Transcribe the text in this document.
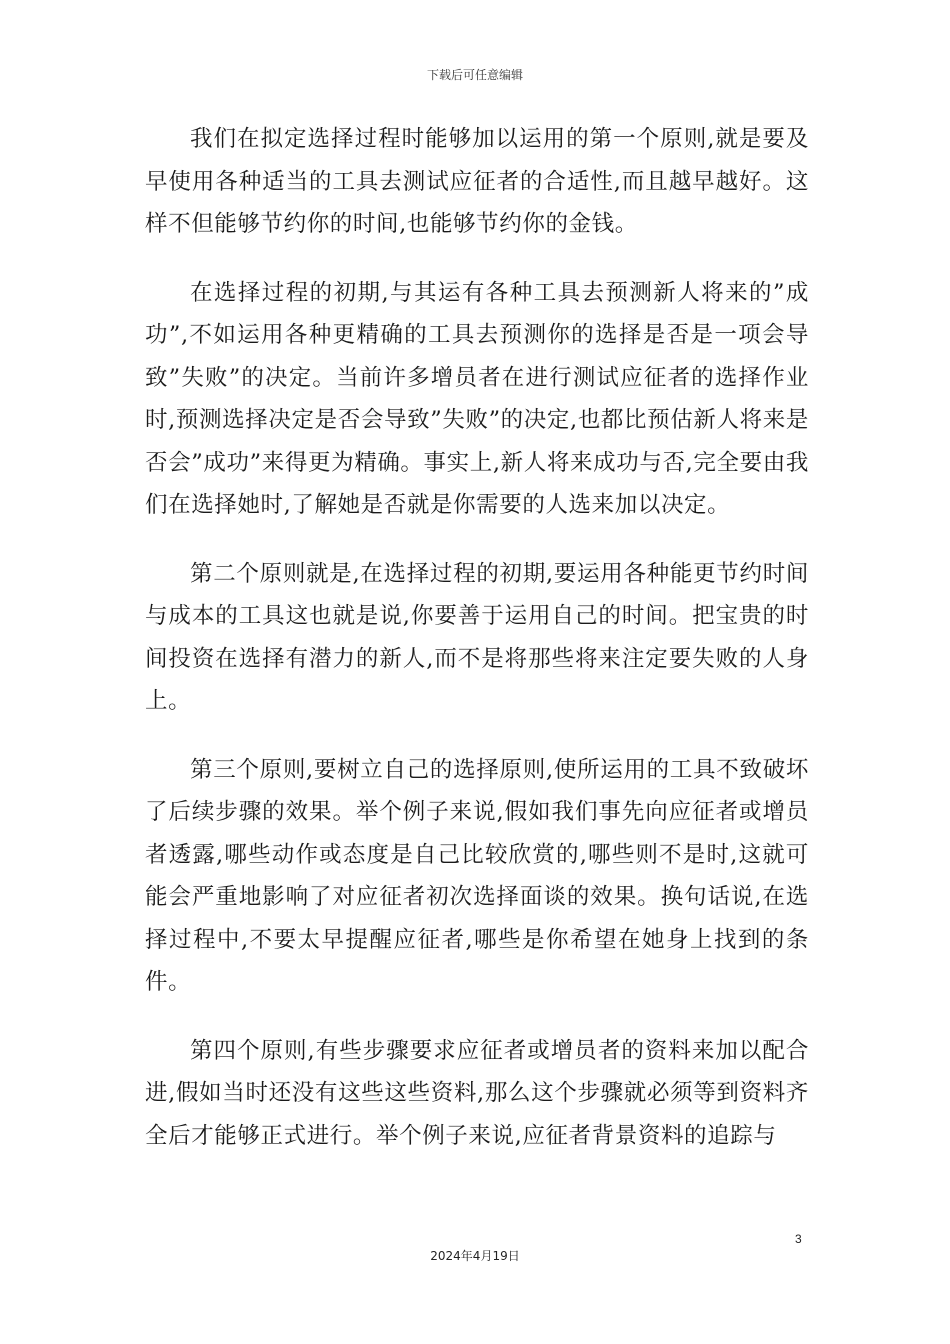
下载后可任意编辑

我们在拟定选择过程时能够加以运用的第一个原则,就是要及早使用各种适当的工具去测试应征者的合适性,而且越早越好。这样不但能够节约你的时间,也能够节约你的金钱。

在选择过程的初期,与其运有各种工具去预测新人将来的”成功”,不如运用各种更精确的工具去预测你的选择是否是一项会导致”失败”的决定。当前许多增员者在进行测试应征者的选择作业时,预测选择决定是否会导致”失败”的决定,也都比预估新人将来是否会”成功”来得更为精确。事实上,新人将来成功与否,完全要由我们在选择她时,了解她是否就是你需要的人选来加以决定。

第二个原则就是,在选择过程的初期,要运用各种能更节约时间与成本的工具这也就是说,你要善于运用自己的时间。把宝贵的时间投资在选择有潜力的新人,而不是将那些将来注定要失败的人身上。

第三个原则,要树立自己的选择原则,使所运用的工具不致破坏了后续步骤的效果。举个例子来说,假如我们事先向应征者或增员者透露,哪些动作或态度是自己比较欣赏的,哪些则不是时,这就可能会严重地影响了对应征者初次选择面谈的效果。换句话说,在选择过程中,不要太早提醒应征者,哪些是你希望在她身上找到的条件。

第四个原则,有些步骤要求应征者或增员者的资料来加以配合进,假如当时还没有这些这些资料,那么这个步骤就必须等到资料齐全后才能够正式进行。举个例子来说,应征者背景资料的追踪与

3
2024年4月19日
